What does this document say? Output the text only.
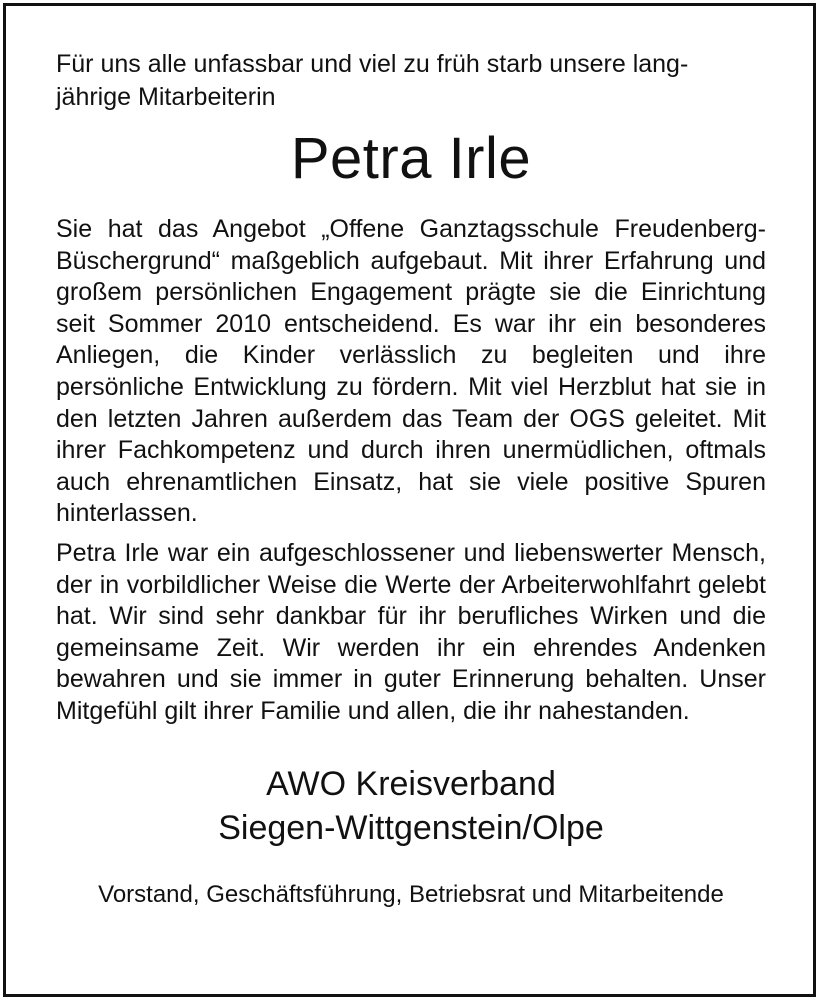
Für uns alle unfassbar und viel zu früh starb unsere lang-
jährige Mitarbeiterin

Petra Irle

Sie hat das Angebot „Offene Ganztagsschule Freudenberg-Büschergrund“ maßgeblich aufgebaut. Mit ihrer Erfahrung und großem persönlichen Engagement prägte sie die Einrichtung seit Sommer 2010 entscheidend. Es war ihr ein besonderes Anliegen, die Kinder verlässlich zu begleiten und ihre persönliche Entwicklung zu fördern. Mit viel Herzblut hat sie in den letzten Jahren außerdem das Team der OGS geleitet. Mit ihrer Fachkompetenz und durch ihren unermüdlichen, oftmals auch ehrenamtlichen Einsatz, hat sie viele positive Spuren hinterlassen.

Petra Irle war ein aufgeschlossener und liebenswerter Mensch, der in vorbildlicher Weise die Werte der Arbeiterwohlfahrt gelebt hat. Wir sind sehr dankbar für ihr berufliches Wirken und die gemeinsame Zeit. Wir werden ihr ein ehrendes Andenken bewahren und sie immer in guter Erinnerung behalten. Unser Mitgefühl gilt ihrer Familie und allen, die ihr nahestanden.

AWO Kreisverband
Siegen-Wittgenstein/Olpe
Vorstand, Geschäftsführung, Betriebsrat und Mitarbeitende
